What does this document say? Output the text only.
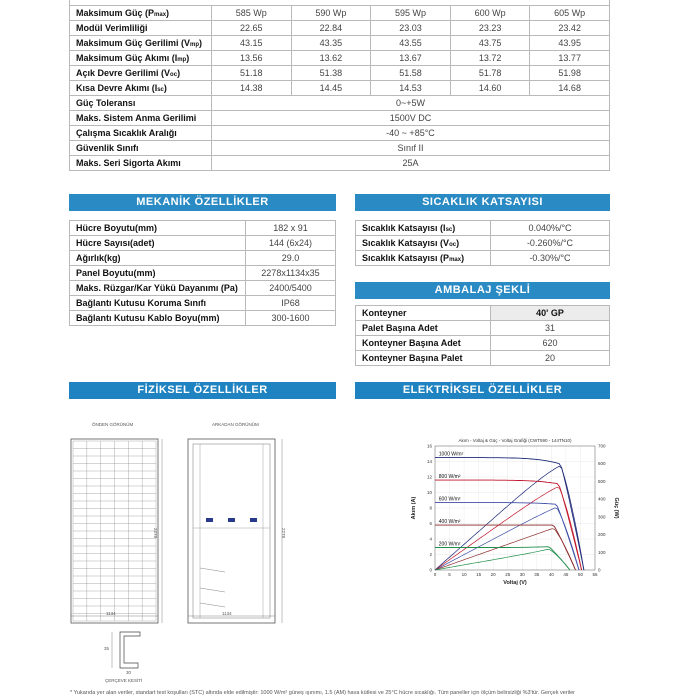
Maksimum Güç (Pmax)	585 Wp	590 Wp	595 Wp	600 Wp	605 Wp
Modül Verimliliği	22.65	22.84	23.03	23.23	23.42
Maksimum Güç Gerilimi (Vmp)	43.15	43.35	43.55	43.75	43.95
Maksimum Güç Akımı (Imp)	13.56	13.62	13.67	13.72	13.77
Açık Devre Gerilimi (Voc)	51.18	51.38	51.58	51.78	51.98
Kısa Devre Akımı (Isc)	14.38	14.45	14.53	14.60	14.68
Güç Toleransı	0~+5W				
Maks. Sistem Anma Gerilimi	1500V DC				
Çalışma Sıcaklık Aralığı	-40 ~ +85°C				
Güvenlik Sınıfı	Sınıf II				
Maks. Seri Sigorta Akımı	25A				
MEKANİK ÖZELLİKLER
Hücre Boyutu(mm)	182 x 91
Hücre Sayısı(adet)	144 (6x24)
Ağırlık(kg)	29.0
Panel Boyutu(mm)	2278x1134x35
Maks. Rüzgar/Kar Yükü Dayanımı (Pa)	2400/5400
Bağlantı Kutusu Koruma Sınıfı	IP68
Bağlantı Kutusu Kablo Boyu(mm)	300-1600
SICAKLIK KATSAYISI
Sıcaklık Katsayısı (Isc)	0.040%/°C
Sıcaklık Katsayısı (Voc)	-0.260%/°C
Sıcaklık Katsayısı (Pmax)	-0.30%/°C
AMBALAJ ŞEKLİ
Konteyner	40' GP
Palet Başına Adet	31
Konteyner Başına Adet	620
Konteyner Başına Palet	20
FİZİKSEL ÖZELLİKLER	ELEKTRİKSEL ÖZELLİKLER
ÖNDEN GÖRÜNÜM	ARKADAN GÖRÜNÜM
1134	1134
2278	2278
35
30
ÇERÇEVE KESİTİ
Akım - Voltaj & Güç - Voltaj Grafiği (CWT590 - 144TN10)
0	5 10 15 20 25 30 35 40 45 50 55
0
2
4
6
8
10
12
14
16
0
100
200
300
400
500
600
700
Voltaj (V)
Akım (A)	Güç (W)
1000 W/m²
800 W/m²
600 W/m²
400 W/m²
200 W/m²
* Yukarıda yer alan veriler, standart test koşulları (STC) altında elde edilmiştir: 1000 W/m² güneş ışınımı, 1.5 (AM) hava kütlesi ve 25°C hücre sıcaklığı. Tüm paneller için ölçüm belirsizliği %3'tür. Gerçek veriler
